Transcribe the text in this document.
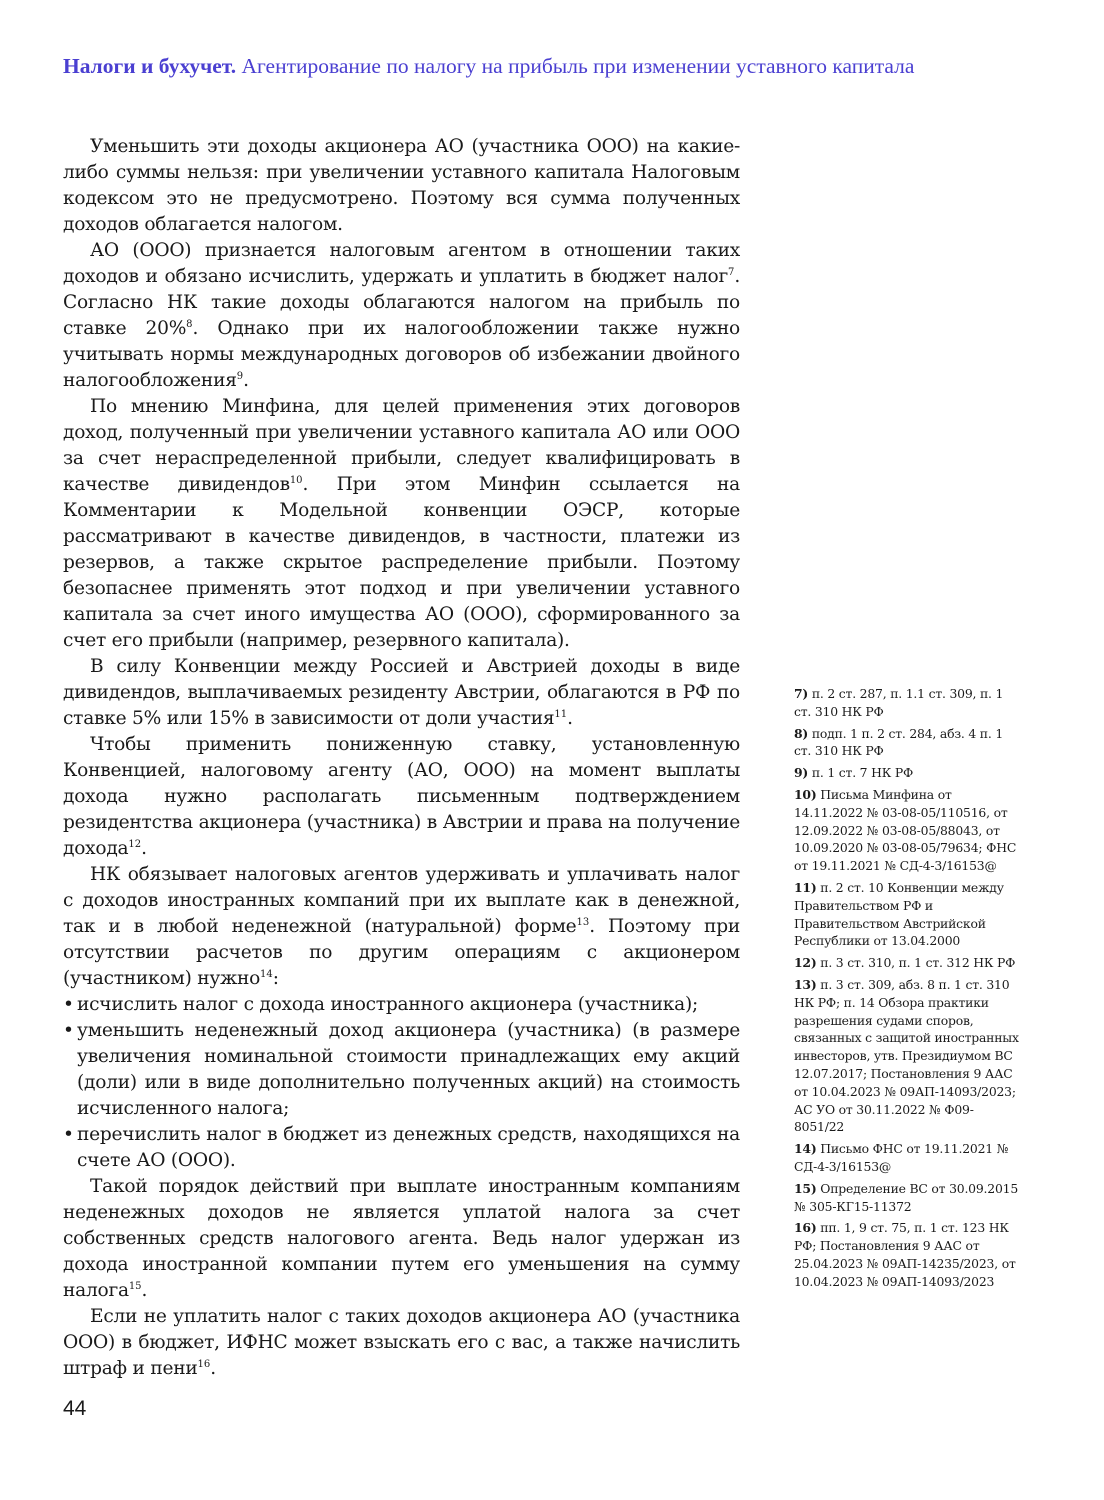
Налоги и бухучет. Агентирование по налогу на прибыль при изменении уставного капитала

Уменьшить эти доходы акционера АО (участника ООО) на какие-либо суммы нельзя: при увеличении уставного капитала Налоговым кодексом это не предусмотрено. Поэтому вся сумма полученных доходов облагается налогом.

АО (ООО) признается налоговым агентом в отношении таких доходов и обязано исчислить, удержать и уплатить в бюджет налог$^7$. Согласно НК такие доходы облагаются налогом на прибыль по ставке 20%$^8$. Однако при их налогообложении также нужно учитывать нормы международных договоров об избежании двойного налогообложения$^9$.

По мнению Минфина, для целей применения этих договоров доход, полученный при увеличении уставного капитала АО или ООО за счет нераспределенной прибыли, следует квалифицировать в качестве дивидендов$^{10}$. При этом Минфин ссылается на Комментарии к Модельной конвенции ОЭСР, которые рассматривают в качестве дивидендов, в частности, платежи из резервов, а также скрытое распределение прибыли. Поэтому безопаснее применять этот подход и при увеличении уставного капитала за счет иного имущества АО (ООО), сформированного за счет его прибыли (например, резервного капитала).

В силу Конвенции между Россией и Австрией доходы в виде дивидендов, выплачиваемых резиденту Австрии, облагаются в РФ по ставке 5% или 15% в зависимости от доли участия$^{11}$.

Чтобы применить пониженную ставку, установленную Конвенцией, налоговому агенту (АО, ООО) на момент выплаты дохода нужно располагать письменным подтверждением резидентства акционера (участника) в Австрии и права на получение дохода$^{12}$.

НК обязывает налоговых агентов удерживать и уплачивать налог с доходов иностранных компаний при их выплате как в денежной, так и в любой неденежной (натуральной) форме$^{13}$. Поэтому при отсутствии расчетов по другим операциям с акционером (участником) нужно$^{14}$:

• исчислить налог с дохода иностранного акционера (участника);
• уменьшить неденежный доход акционера (участника) (в размере увеличения номинальной стоимости принадлежащих ему акций (доли) или в виде дополнительно полученных акций) на стоимость исчисленного налога;
• перечислить налог в бюджет из денежных средств, находящихся на счете АО (ООО).

Такой порядок действий при выплате иностранным компаниям неденежных доходов не является уплатой налога за счет собственных средств налогового агента. Ведь налог удержан из дохода иностранной компании путем его уменьшения на сумму налога$^{15}$.

Если не уплатить налог с таких доходов акционера АО (участника ООО) в бюджет, ИФНС может взыскать его с вас, а также начислить штраф и пени$^{16}$.

7) п. 2 ст. 287, п. 1.1 ст. 309, п. 1 ст. 310 НК РФ
8) подп. 1 п. 2 ст. 284, абз. 4 п. 1 ст. 310 НК РФ
9) п. 1 ст. 7 НК РФ
10) Письма Минфина от 14.11.2022 № 03-08-05/110516, от 12.09.2022 № 03-08-05/88043, от 10.09.2020 № 03-08-05/79634; ФНС от 19.11.2021 № СД-4-3/16153@
11) п. 2 ст. 10 Конвенции между Правительством РФ и Правительством Австрийской Республики от 13.04.2000
12) п. 3 ст. 310, п. 1 ст. 312 НК РФ
13) п. 3 ст. 309, абз. 8 п. 1 ст. 310 НК РФ; п. 14 Обзора практики разрешения судами споров, связанных с защитой иностранных инвесторов, утв. Президиумом ВС 12.07.2017; Постановления 9 ААС от 10.04.2023 № 09АП-14093/2023; АС УО от 30.11.2022 № Ф09-8051/22
14) Письмо ФНС от 19.11.2021 № СД-4-3/16153@
15) Определение ВС от 30.09.2015 № 305-КГ15-11372
16) пп. 1, 9 ст. 75, п. 1 ст. 123 НК РФ; Постановления 9 ААС от 25.04.2023 № 09АП-14235/2023, от 10.04.2023 № 09АП-14093/2023
44
